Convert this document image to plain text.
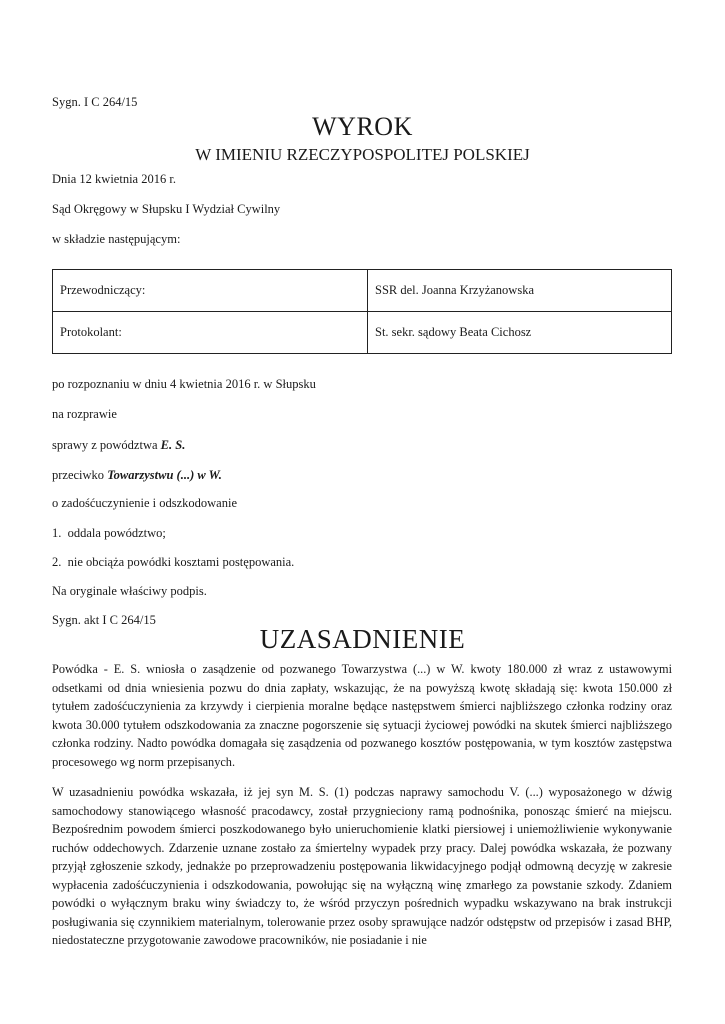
Sygn. I C 264/15
WYROK
W IMIENIU RZECZYPOSPOLITEJ POLSKIEJ
Dnia 12 kwietnia 2016 r.
Sąd Okręgowy w Słupsku I Wydział Cywilny
w składzie następującym:
Przewodniczący:	SSR del. Joanna Krzyżanowska
Protokolant:	St. sekr. sądowy Beata Cichosz
po rozpoznaniu w dniu 4 kwietnia 2016 r. w Słupsku
na rozprawie
sprawy z powództwa E. S.
przeciwko Towarzystwu (...) w W.
o zadośćuczynienie i odszkodowanie
1.  oddala powództwo;
2.  nie obciąża powódki kosztami postępowania.
Na oryginale właściwy podpis.
Sygn. akt I C 264/15
UZASADNIENIE
Powódka - E. S. wniosła o zasądzenie od pozwanego Towarzystwa (...) w W. kwoty 180.000 zł wraz z ustawowymi odsetkami od dnia wniesienia pozwu do dnia zapłaty, wskazując, że na powyższą kwotę składają się: kwota 150.000 zł tytułem zadośćuczynienia za krzywdy i cierpienia moralne będące następstwem śmierci najbliższego członka rodziny oraz kwota 30.000 tytułem odszkodowania za znaczne pogorszenie się sytuacji życiowej powódki na skutek śmierci najbliższego członka rodziny. Nadto powódka domagała się zasądzenia od pozwanego kosztów postępowania, w tym kosztów zastępstwa procesowego wg norm przepisanych.
W uzasadnieniu powódka wskazała, iż jej syn M. S. (1) podczas naprawy samochodu V. (...) wyposażonego w dźwig samochodowy stanowiącego własność pracodawcy, został przygnieciony ramą podnośnika, ponosząc śmierć na miejscu. Bezpośrednim powodem śmierci poszkodowanego było unieruchomienie klatki piersiowej i uniemożliwienie wykonywanie ruchów oddechowych. Zdarzenie uznane zostało za śmiertelny wypadek przy pracy. Dalej powódka wskazała, że pozwany przyjął zgłoszenie szkody, jednakże po przeprowadzeniu postępowania likwidacyjnego podjął odmowną decyzję w zakresie wypłacenia zadośćuczynienia i odszkodowania, powołując się na wyłączną winę zmarłego za powstanie szkody. Zdaniem powódki o wyłącznym braku winy świadczy to, że wśród przyczyn pośrednich wypadku wskazywano na brak instrukcji posługiwania się czynnikiem materialnym, tolerowanie przez osoby sprawujące nadzór odstępstw od przepisów i zasad BHP, niedostateczne przygotowanie zawodowe pracowników, nie posiadanie i nie
